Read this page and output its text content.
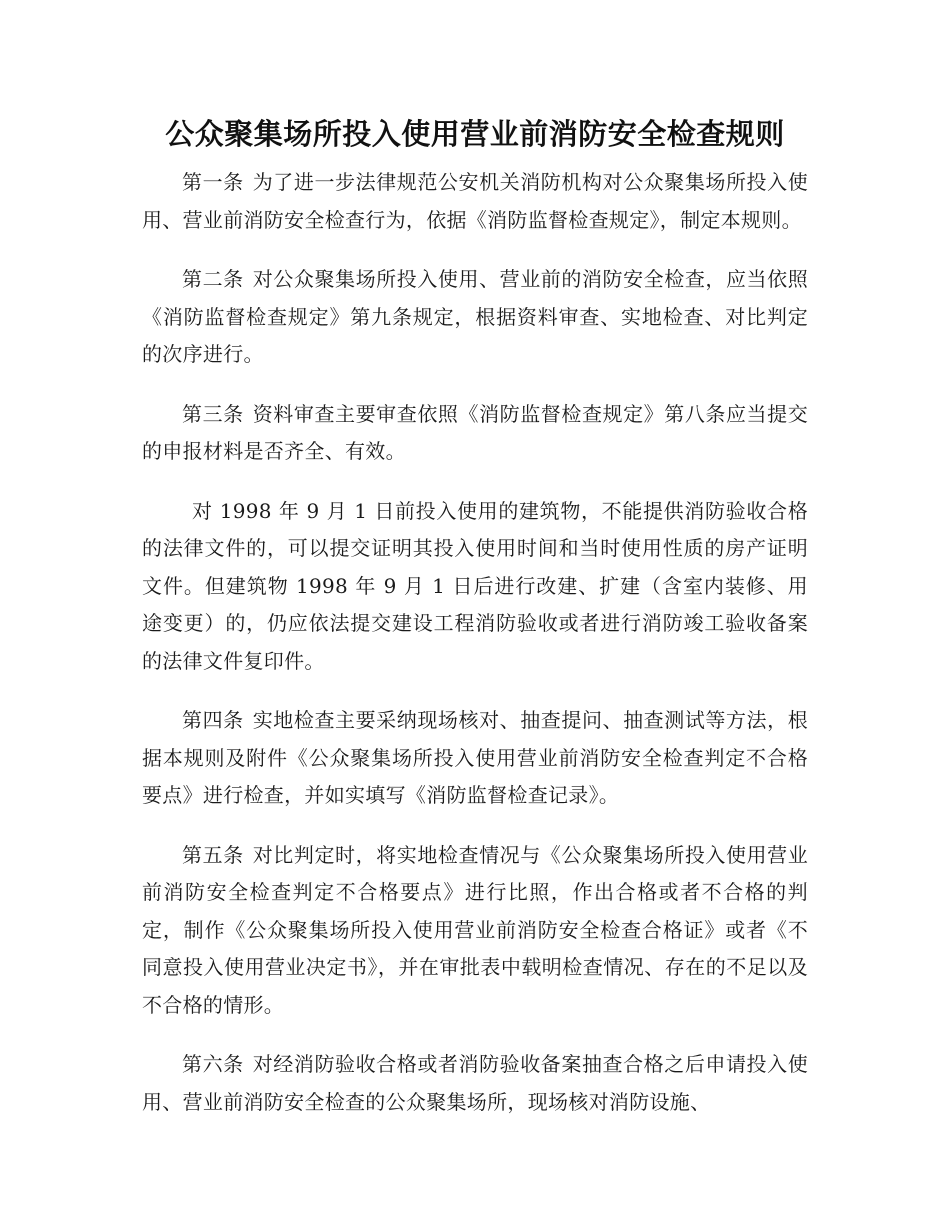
公众聚集场所投入使用营业前消防安全检查规则

第一条 为了进一步法律规范公安机关消防机构对公众聚集场所投入使用、营业前消防安全检查行为，依据《消防监督检查规定》，制定本规则。

第二条 对公众聚集场所投入使用、营业前的消防安全检查，应当依照《消防监督检查规定》第九条规定，根据资料审查、实地检查、对比判定的次序进行。

第三条 资料审查主要审查依照《消防监督检查规定》第八条应当提交的申报材料是否齐全、有效。

对 1998 年 9 月 1 日前投入使用的建筑物，不能提供消防验收合格的法律文件的，可以提交证明其投入使用时间和当时使用性质的房产证明文件。但建筑物 1998 年 9 月 1 日后进行改建、扩建（含室内装修、用途变更）的，仍应依法提交建设工程消防验收或者进行消防竣工验收备案的法律文件复印件。

第四条 实地检查主要采纳现场核对、抽查提问、抽查测试等方法，根据本规则及附件《公众聚集场所投入使用营业前消防安全检查判定不合格要点》进行检查，并如实填写《消防监督检查记录》。

第五条 对比判定时，将实地检查情况与《公众聚集场所投入使用营业前消防安全检查判定不合格要点》进行比照，作出合格或者不合格的判定，制作《公众聚集场所投入使用营业前消防安全检查合格证》或者《不同意投入使用营业决定书》，并在审批表中载明检查情况、存在的不足以及不合格的情形。

第六条 对经消防验收合格或者消防验收备案抽查合格之后申请投入使用、营业前消防安全检查的公众聚集场所，现场核对消防设施、
